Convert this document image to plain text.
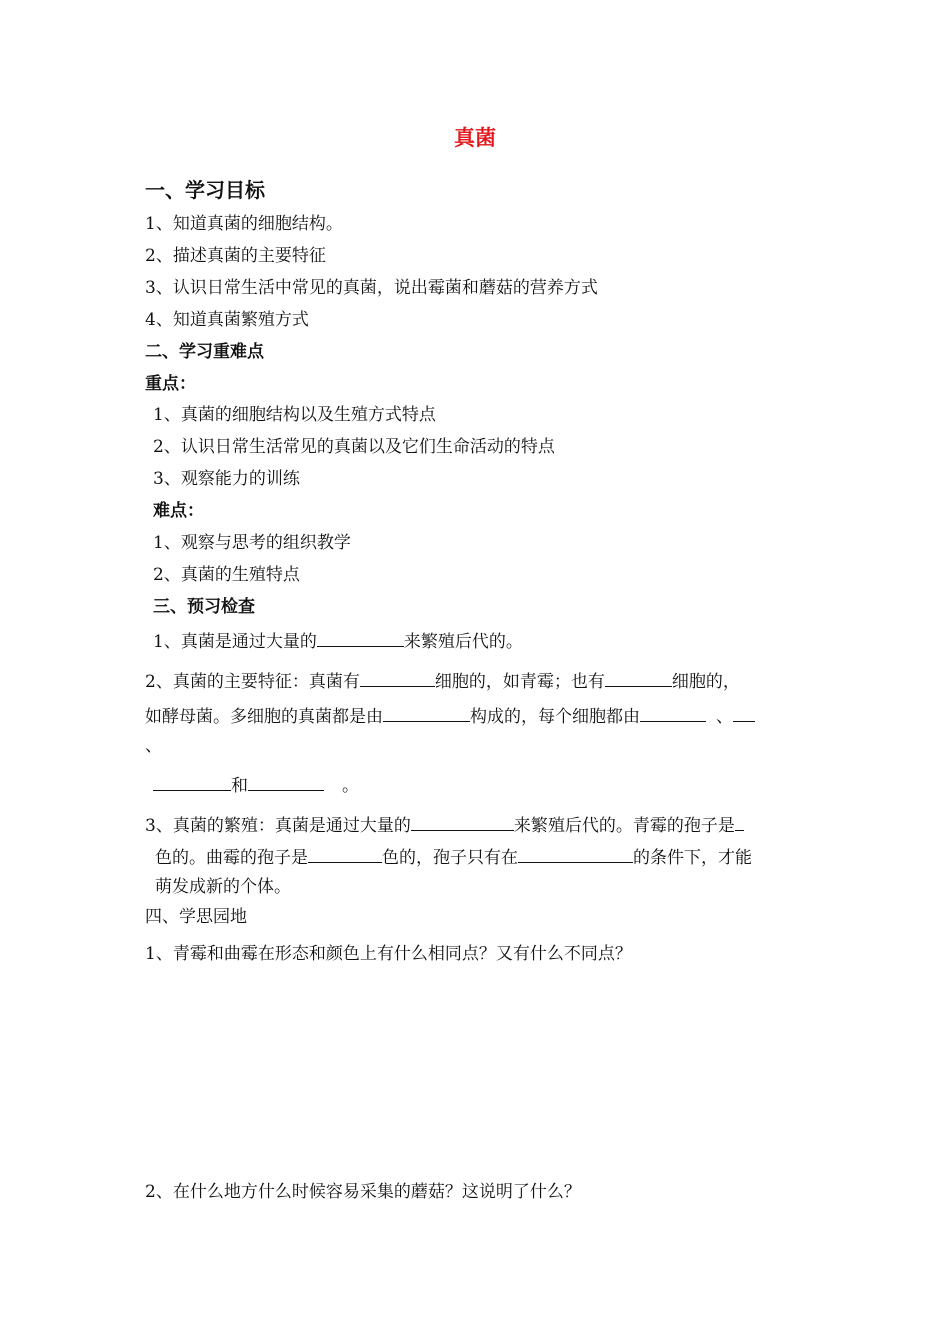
真菌
一、学习目标
1、知道真菌的细胞结构。
2、描述真菌的主要特征
3、认识日常生活中常见的真菌，说出霉菌和蘑菇的营养方式
4、知道真菌繁殖方式
二、学习重难点
重点：
1、真菌的细胞结构以及生殖方式特点
2、认识日常生活常见的真菌以及它们生命活动的特点
3、观察能力的训练
难点：
1、观察与思考的组织教学
2、真菌的生殖特点
三、预习检查
1、真菌是通过大量的	来繁殖后代的。
2、真菌的主要特征：真菌有	细胞的，如青霉；也有	细胞的，
如酵母菌。多细胞的真菌都是由	构成的，每个细胞都由	、
、
和	。
3、真菌的繁殖：真菌是通过大量的	来繁殖后代的。青霉的孢子是
色的。曲霉的孢子是	色的，孢子只有在	的条件下，才能
萌发成新的个体。
四、学思园地
1、青霉和曲霉在形态和颜色上有什么相同点？又有什么不同点？
2、在什么地方什么时候容易采集的蘑菇？这说明了什么？
